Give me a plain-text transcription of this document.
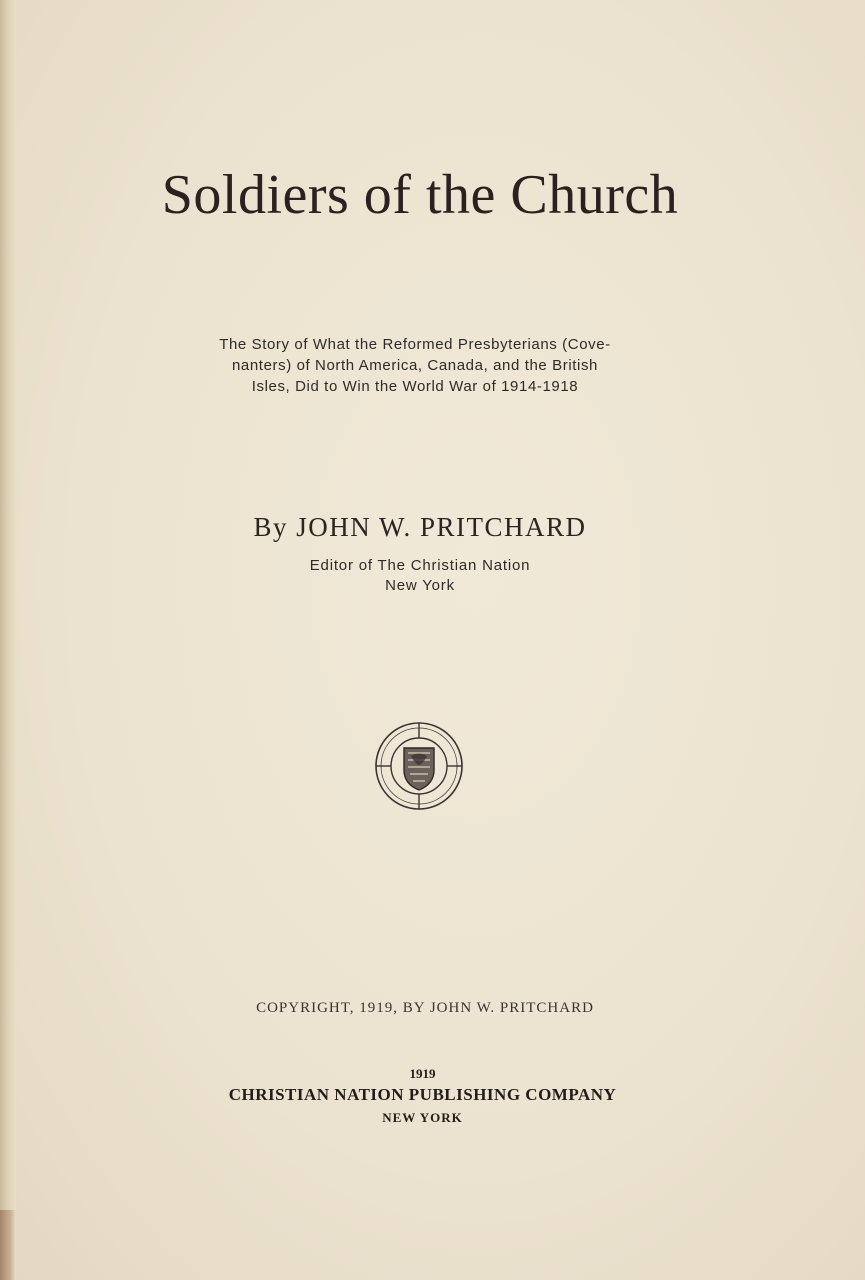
Soldiers of the Church
The Story of What the Reformed Presbyterians (Cove-
nanters) of North America, Canada, and the British
Isles, Did to Win the World War of 1914-1918
By JOHN W. PRITCHARD
Editor of The Christian Nation
New York
COPYRIGHT, 1919, BY JOHN W. PRITCHARD
1919
CHRISTIAN NATION PUBLISHING COMPANY
NEW YORK
